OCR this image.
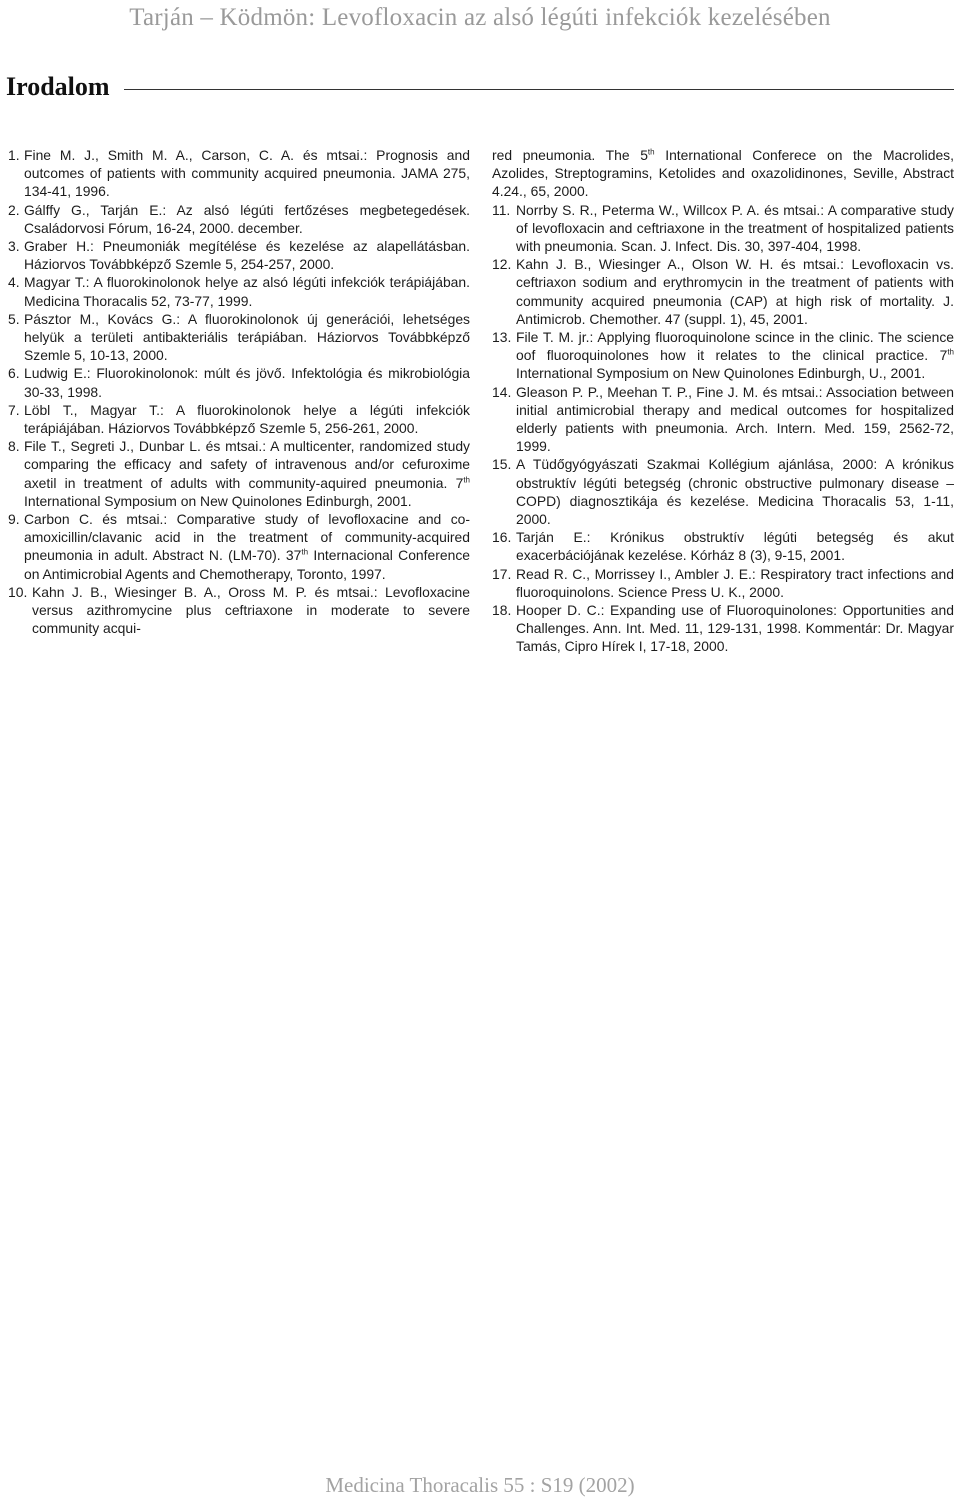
Tarján – Ködmön: Levofloxacin az alsó légúti infekciók kezelésében
Irodalom
1. Fine M. J., Smith M. A., Carson, C. A. és mtsai.: Prognosis and outcomes of patients with community acquired pneumonia. JAMA 275, 134-41, 1996.
2. Gálffy G., Tarján E.: Az alsó légúti fertőzéses megbetegedések. Családorvosi Fórum, 16-24, 2000. december.
3. Graber H.: Pneumoniák megítélése és kezelése az alapellátásban. Háziorvos Továbbképző Szemle 5, 254-257, 2000.
4. Magyar T.: A fluorokinolonok helye az alsó légúti infekciók terápiájában. Medicina Thoracalis 52, 73-77, 1999.
5. Pásztor M., Kovács G.: A fluorokinolonok új generációi, lehetséges helyük a területi antibakteriális terápiában. Háziorvos Továbbképző Szemle 5, 10-13, 2000.
6. Ludwig E.: Fluorokinolonok: múlt és jövő. Infektológia és mikrobiológia 30-33, 1998.
7. Löbl T., Magyar T.: A fluorokinolonok helye a légúti infekciók terápiájában. Háziorvos Továbbképző Szemle 5, 256-261, 2000.
8. File T., Segreti J., Dunbar L. és mtsai.: A multicenter, randomized study comparing the efficacy and safety of intravenous and/or cefuroxime axetil in treatment of adults with community-aquired pneumonia. 7th International Symposium on New Quinolones Edinburgh, 2001.
9. Carbon C. és mtsai.: Comparative study of levofloxacine and co-amoxicillin/clavanic acid in the treatment of community-acquired pneumonia in adult. Abstract N. (LM-70). 37th Internacional Conference on Antimicrobial Agents and Chemotherapy, Toronto, 1997.
10. Kahn J. B., Wiesinger B. A., Oross M. P. és mtsai.: Levofloxacine versus azithromycine plus ceftriaxone in moderate to severe community acqui-
red pneumonia. The 5th International Conferece on the Macrolides, Azolides, Streptogramins, Ketolides and oxazolidinones, Seville, Abstract 4.24., 65, 2000.
11. Norrby S. R., Peterma W., Willcox P. A. és mtsai.: A comparative study of levofloxacin and ceftriaxone in the treatment of hospitalized patients with pneumonia. Scan. J. Infect. Dis. 30, 397-404, 1998.
12. Kahn J. B., Wiesinger A., Olson W. H. és mtsai.: Levofloxacin vs. ceftriaxon sodium and erythromycin in the treatment of patients with community acquired pneumonia (CAP) at high risk of mortality. J. Antimicrob. Chemother. 47 (suppl. 1), 45, 2001.
13. File T. M. jr.: Applying fluoroquinolone scince in the clinic. The science oof fluoroquinolones how it relates to the clinical practice. 7th International Symposium on New Quinolones Edinburgh, U., 2001.
14. Gleason P. P., Meehan T. P., Fine J. M. és mtsai.: Association between initial antimicrobial therapy and medical outcomes for hospitalized elderly patients with pneumonia. Arch. Intern. Med. 159, 2562-72, 1999.
15. A Tüdőgyógyászati Szakmai Kollégium ajánlása, 2000: A krónikus obstruktív légúti betegség (chronic obstructive pulmonary disease – COPD) diagnosztikája és kezelése. Medicina Thoracalis 53, 1-11, 2000.
16. Tarján E.: Krónikus obstruktív légúti betegség és akut exacerbációjának kezelése. Kórház 8 (3), 9-15, 2001.
17. Read R. C., Morrissey I., Ambler J. E.: Respiratory tract infections and fluoroquinolons. Science Press U. K., 2000.
18. Hooper D. C.: Expanding use of Fluoroquinolones: Opportunities and Challenges. Ann. Int. Med. 11, 129-131, 1998. Kommentár: Dr. Magyar Tamás, Cipro Hírek I, 17-18, 2000.
Medicina Thoracalis 55 : S19 (2002)
